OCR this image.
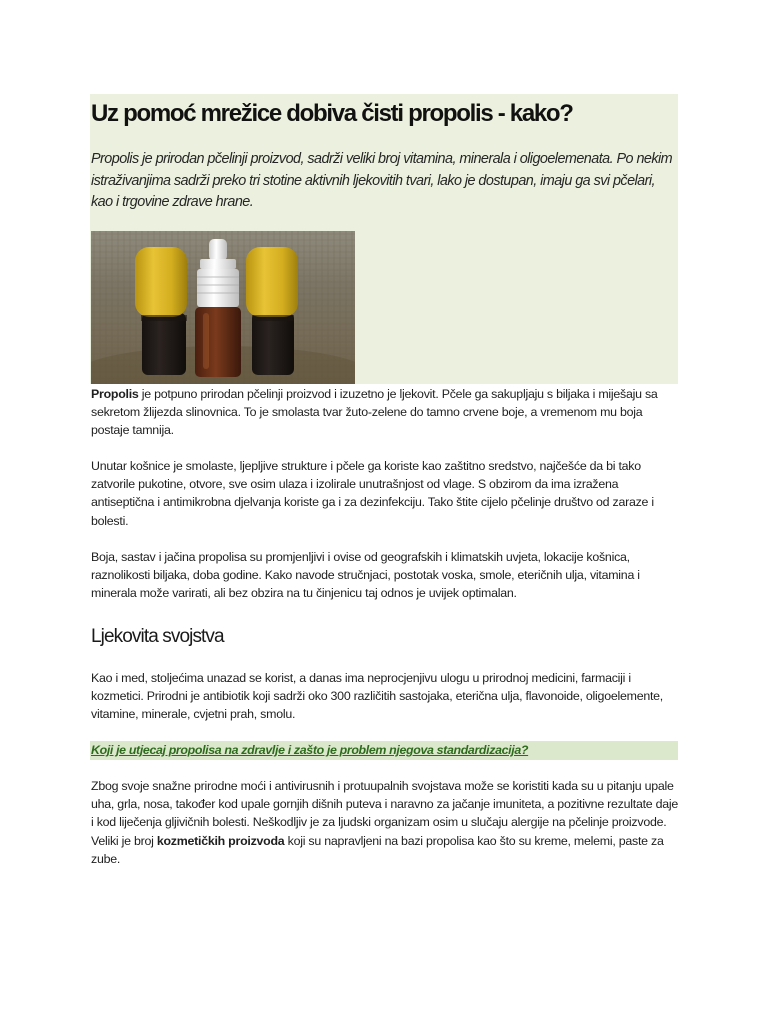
Uz pomoć mrežice dobiva čisti propolis - kako?

Propolis je prirodan pčelinji proizvod, sadrži veliki broj vitamina, minerala i oligoelemenata. Po nekim istraživanjima sadrži preko tri stotine aktivnih ljekovitih tvari, lako je dostupan, imaju ga svi pčelari, kao i trgovine zdrave hrane.

Propolis je potpuno prirodan pčelinji proizvod i izuzetno je ljekovit. Pčele ga sakupljaju s biljaka i miješaju sa sekretom žlijezda slinovnica. To je smolasta tvar žuto-zelene do tamno crvene boje, a vremenom mu boja postaje tamnija.

Unutar košnice je smolaste, ljepljive strukture i pčele ga koriste kao zaštitno sredstvo, najčešće da bi tako zatvorile pukotine, otvore, sve osim ulaza i izolirale unutrašnjost od vlage. S obzirom da ima izražena antiseptična i antimikrobna djelvanja koriste ga i za dezinfekciju. Tako štite cijelo pčelinje društvo od zaraze i bolesti.

Boja, sastav i jačina propolisa su promjenljivi i ovise od geografskih i klimatskih uvjeta, lokacije košnica, raznolikosti biljaka, doba godine. Kako navode stručnjaci, postotak voska, smole, eteričnih ulja, vitamina i minerala može varirati, ali bez obzira na tu činjenicu taj odnos je uvijek optimalan.

Ljekovita svojstva

Kao i med, stoljećima unazad se korist, a danas ima neprocjenjivu ulogu u prirodnoj medicini, farmaciji i kozmetici. Prirodni je antibiotik koji sadrži oko 300 različitih sastojaka, eterična ulja, flavonoide, oligoelemente, vitamine, minerale, cvjetni prah, smolu.

Koji je utjecaj propolisa na zdravlje i zašto je problem njegova standardizacija?

Zbog svoje snažne prirodne moći i antivirusnih i protuupalnih svojstava može se koristiti kada su u pitanju upale uha, grla, nosa, također kod upale gornjih dišnih puteva i naravno za jačanje imuniteta, a pozitivne rezultate daje i kod liječenja gljivičnih bolesti. Neškodljiv je za ljudski organizam osim u slučaju alergije na pčelinje proizvode. Veliki je broj kozmetičkih proizvoda koji su napravljeni na bazi propolisa kao što su kreme, melemi, paste za zube.
